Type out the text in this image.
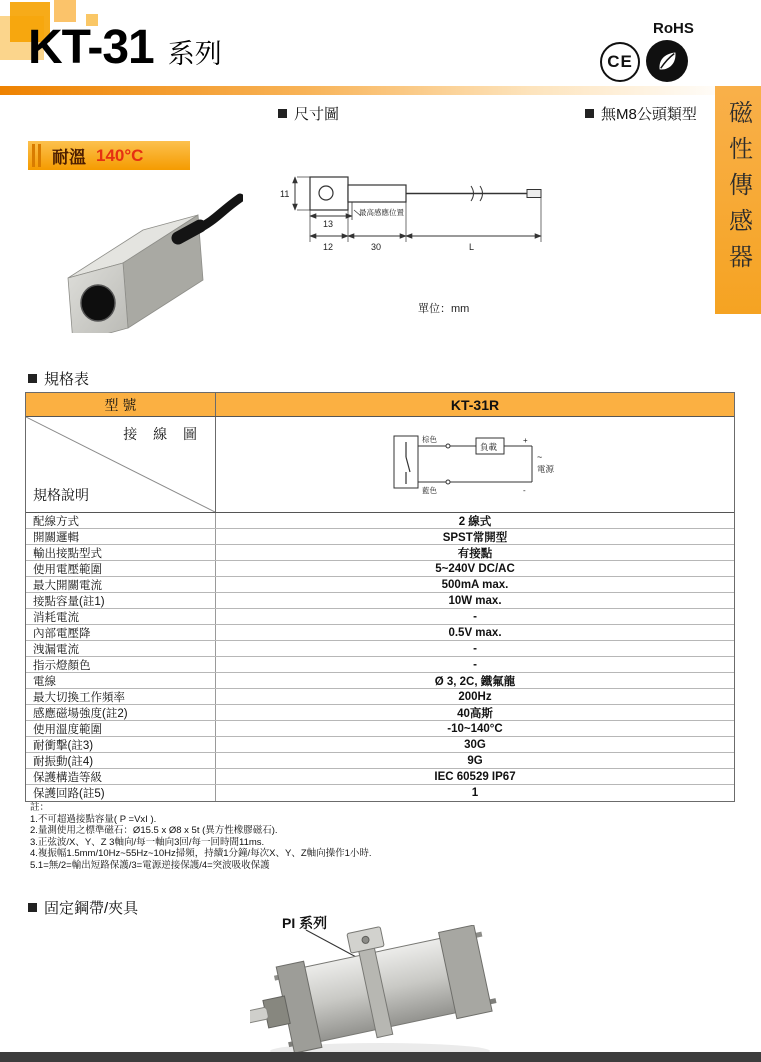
KT-31 系列
RoHS
CE
磁性傳感器
尺寸圖	無M8公頭類型
耐溫 140°C
11
13
最高感應位置
12	30	L
單位：mm
規格表
型 號	KT-31R
接 線 圖
規格說明
負載
+
-
~
電源
棕色
藍色
配線方式	2 線式
開關邏輯	SPST常開型
輸出接點型式	有接點
使用電壓範圍	5~240V DC/AC
最大開關電流	500mA max.
接點容量(註1)	10W max.
消耗電流	-
內部電壓降	0.5V max.
洩漏電流	-
指示燈顏色	-
電線	Ø 3, 2C, 鐵氟龍
最大切換工作頻率	200Hz
感應磁場強度(註2)	40高斯
使用溫度範圍	-10~140°C
耐衝擊(註3)	30G
耐振動(註4)	9G
保護構造等級	IEC 60529 IP67
保護回路(註5)	1
註：
1.不可超過接點容量( P =VxI ).
2.量測使用之標準磁石：Ø15.5 x Ø8 x 5t (異方性橡膠磁石).
3.正弦波/X、Y、Z 3軸向/每一軸向3回/每一回時間11ms.
4.複振幅1.5mm/10Hz~55Hz~10Hz掃頻，持續1分鐘/每次X、Y、Z軸向操作1小時.
5.1=無/2=輸出短路保護/3=電源逆接保護/4=突波吸收保護
固定鋼帶/夾具
PI 系列
